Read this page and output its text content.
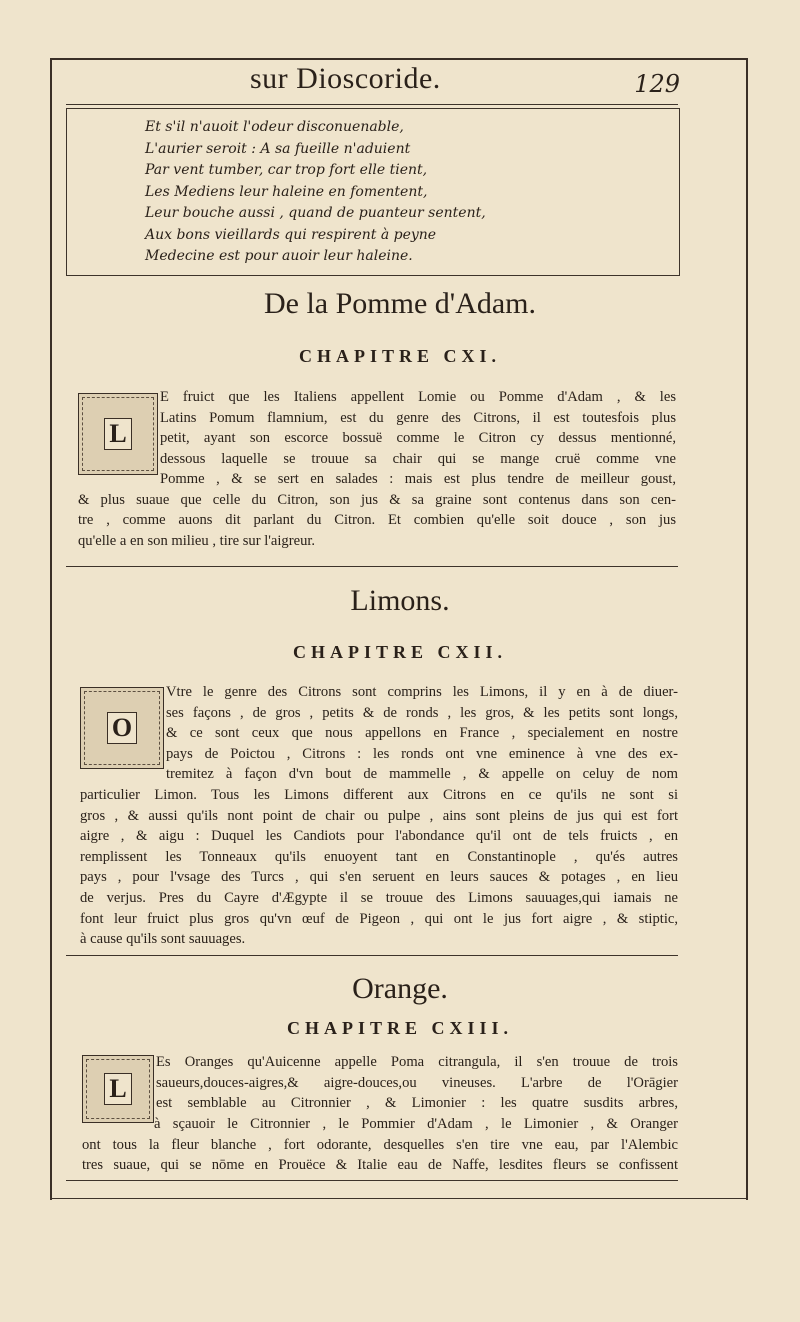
sur Dioscoride.	129
Et s'il n'auoit l'odeur disconuenable,
L'aurier seroit : A sa fueille n'aduient
Par vent tumber, car trop fort elle tient,
Les Mediens leur haleine en fomentent,
Leur bouche aussi , quand de puanteur sentent,
Aux bons vieillards qui respirent à peyne
Medecine est pour auoir leur haleine.
De la Pomme d'Adam.
CHAPITRE CXI.
L
E fruict que les Italiens appellent Lomie ou Pomme d'Adam , & les
Latins Pomum flamnium, est du genre des Citrons, il est toutesfois plus
petit, ayant son escorce bossuë comme le Citron cy dessus mentionné,
dessous laquelle se trouue sa chair qui se mange cruë comme vne
Pomme , & se sert en salades : mais est plus tendre de meilleur goust,
& plus suaue que celle du Citron, son jus & sa graine sont contenus dans son cen-
tre , comme auons dit parlant du Citron. Et combien qu'elle soit douce , son jus
qu'elle a en son milieu , tire sur l'aigreur.
Limons.
CHAPITRE CXII.
O
Vtre le genre des Citrons sont comprins les Limons, il y en à de diuer-
ses façons , de gros , petits & de ronds , les gros, & les petits sont longs,
& ce sont ceux que nous appellons en France , specialement en nostre
pays de Poictou , Citrons : les ronds ont vne eminence à vne des ex-
tremitez à façon d'vn bout de mammelle , & appelle on celuy de nom
particulier Limon. Tous les Limons different aux Citrons en ce qu'ils ne sont si
gros , & aussi qu'ils nont point de chair ou pulpe , ains sont pleins de jus qui est fort
aigre , & aigu : Duquel les Candiots pour l'abondance qu'il ont de tels fruicts , en
remplissent les Tonneaux qu'ils enuoyent tant en Constantinople , qu'és autres
pays , pour l'vsage des Turcs , qui s'en seruent en leurs sauces & potages , en lieu
de verjus. Pres du Cayre d'Ægypte il se trouue des Limons sauuages,qui iamais ne
font leur fruict plus gros qu'vn œuf de Pigeon , qui ont le jus fort aigre , & stiptic,
à cause qu'ils sont sauuages.
Orange.
CHAPITRE CXIII.
L
Es Oranges qu'Auicenne appelle Poma citrangula, il s'en trouue de trois
saueurs,douces-aigres,& aigre-douces,ou vineuses. L'arbre de l'Orāgier
est semblable au Citronnier , & Limonier : les quatre susdits arbres,
à sçauoir le Citronnier , le Pommier d'Adam , le Limonier , & Oranger
ont tous la fleur blanche , fort odorante, desquelles s'en tire vne eau, par l'Alembic
tres suaue, qui se nōme en Prouëce & Italie eau de Naffe, lesdites fleurs se confissent
